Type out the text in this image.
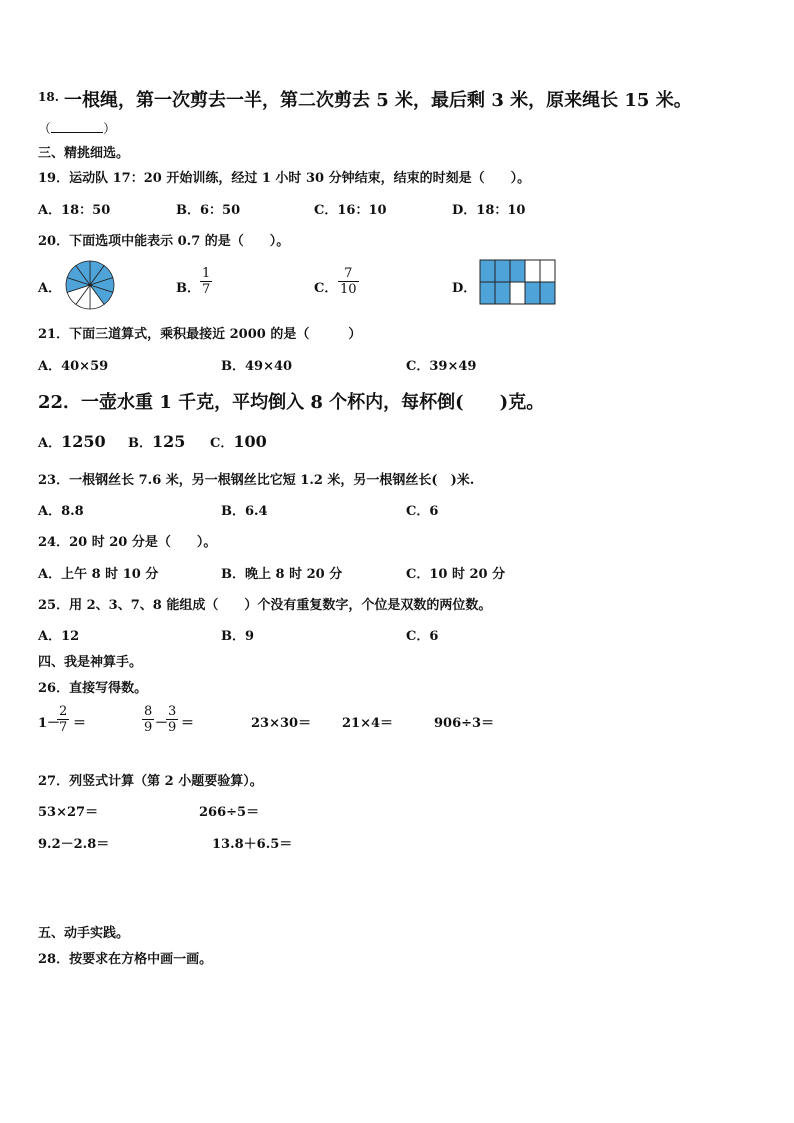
18. 一根绳，第一次剪去一半，第二次剪去 5 米，最后剩 3 米，原来绳长 15 米。
（	）
三、精挑细选。
19．运动队 17：20 开始训练，经过 1 小时 30 分钟结束，结束的时刻是（　　）。
A．18：50	B．6：50	C．16：10	D．18：10
20．下面选项中能表示 0.7 的是（　　）。
A．	B． $\frac{1}{7}$	C． $\frac{7}{10}$	D．
21．下面三道算式，乘积最接近 2000 的是（　　　）
A．40×59	B．49×40	C．39×49
22．一壶水重 1 千克，平均倒入 8 个杯内，每杯倒(　　)克。
A．1250 B．125 C．100
23．一根钢丝长 7.6 米，另一根钢丝比它短 1.2 米，另一根钢丝长(　)米.
A．8.8	B．6.4	C．6
24．20 时 20 分是（　　）。
A．上午 8 时 10 分	B．晚上 8 时 20 分	C．10 时 20 分
25．用 2、3、7、8 能组成（　　）个没有重复数字，个位是双数的两位数。
A．12	B．9	C．6
四、我是神算手。
26．直接写得数。
1－
$\frac{2}{7}$ ＝	$\frac{8}{9}$ －
$\frac{3}{9}$ ＝	23×30＝ 21×4＝	906÷3＝
27．列竖式计算（第 2 小题要验算）。
53×27＝	266÷5＝
9.2－2.8＝	13.8＋6.5＝
五、动手实践。
28．按要求在方格中画一画。
